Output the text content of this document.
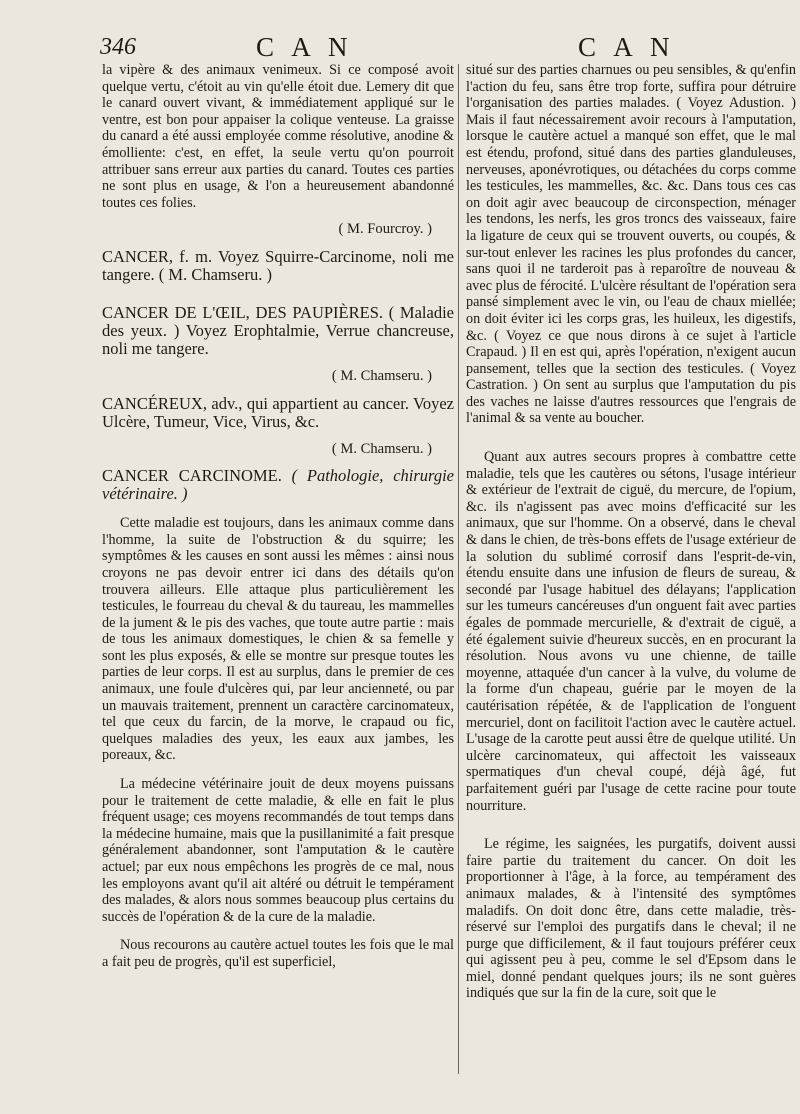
346	C A N	C A N

la vipère & des animaux venimeux. Si ce composé avoit quelque vertu, c'étoit au vin qu'elle étoit due. Lemery dit que le canard ouvert vivant, & immédiatement appliqué sur le ventre, est bon pour appaiser la colique venteuse. La graisse du canard a été aussi employée comme résolutive, anodine & émolliente: c'est, en effet, la seule vertu qu'on pourroit attribuer sans erreur aux parties du canard. Toutes ces parties ne sont plus en usage, & l'on a heureusement abandonné toutes ces folies.

( M. Fourcroy. )

CANCER, f. m. Voyez Squirre-Carcinome, noli me tangere. ( M. Chamseru. )

CANCER DE L'ŒIL, DES PAUPIÈRES. ( Maladie des yeux. ) Voyez Erophtalmie, Verrue chancreuse, noli me tangere.

( M. Chamseru. )

CANCÉREUX, adv., qui appartient au cancer. Voyez Ulcère, Tumeur, Vice, Virus, &c.

( M. Chamseru. )

CANCER CARCINOME. ( Pathologie, chirurgie vétérinaire. )

Cette maladie est toujours, dans les animaux comme dans l'homme, la suite de l'obstruction & du squirre; les symptômes & les causes en sont aussi les mêmes : ainsi nous croyons ne pas devoir entrer ici dans des détails qu'on trouvera ailleurs. Elle attaque plus particulièrement les testicules, le fourreau du cheval & du taureau, les mammelles de la jument & le pis des vaches, que toute autre partie : mais de tous les animaux domestiques, le chien & sa femelle y sont les plus exposés, & elle se montre sur presque toutes les parties de leur corps. Il est au surplus, dans le premier de ces animaux, une foule d'ulcères qui, par leur ancienneté, ou par un mauvais traitement, prennent un caractère carcinomateux, tel que ceux du farcin, de la morve, le crapaud ou fic, quelques maladies des yeux, les eaux aux jambes, les poreaux, &c.

La médecine vétérinaire jouit de deux moyens puissans pour le traitement de cette maladie, & elle en fait le plus fréquent usage; ces moyens recommandés de tout temps dans la médecine humaine, mais que la pusillanimité a fait presque généralement abandonner, sont l'amputation & le cautère actuel; par eux nous empêchons les progrès de ce mal, nous les employons avant qu'il ait altéré ou détruit le tempérament des malades, & alors nous sommes beaucoup plus certains du succès de l'opération & de la cure de la maladie.

Nous recourons au cautère actuel toutes les fois que le mal a fait peu de progrès, qu'il est superficiel,

situé sur des parties charnues ou peu sensibles, & qu'enfin l'action du feu, sans être trop forte, suffira pour détruire l'organisation des parties malades. ( Voyez Adustion. ) Mais il faut nécessairement avoir recours à l'amputation, lorsque le cautère actuel a manqué son effet, que le mal est étendu, profond, situé dans des parties glanduleuses, nerveuses, aponévrotiques, ou détachées du corps comme les testicules, les mammelles, &c. &c. Dans tous ces cas on doit agir avec beaucoup de circonspection, ménager les tendons, les nerfs, les gros troncs des vaisseaux, faire la ligature de ceux qui se trouvent ouverts, ou coupés, & sur-tout enlever les racines les plus profondes du cancer, sans quoi il ne tarderoit pas à reparoître de nouveau & avec plus de férocité. L'ulcère résultant de l'opération sera pansé simplement avec le vin, ou l'eau de chaux miellée; on doit éviter ici les corps gras, les huileux, les digestifs, &c. ( Voyez ce que nous dirons à ce sujet à l'article Crapaud. ) Il en est qui, après l'opération, n'exigent aucun pansement, telles que la section des testicules. ( Voyez Castration. ) On sent au surplus que l'amputation du pis des vaches ne laisse d'autres ressources que l'engrais de l'animal & sa vente au boucher.

Quant aux autres secours propres à combattre cette maladie, tels que les cautères ou sétons, l'usage intérieur & extérieur de l'extrait de ciguë, du mercure, de l'opium, &c. ils n'agissent pas avec moins d'efficacité sur les animaux, que sur l'homme. On a observé, dans le cheval & dans le chien, de très-bons effets de l'usage extérieur de la solution du sublimé corrosif dans l'esprit-de-vin, étendu ensuite dans une infusion de fleurs de sureau, & secondé par l'usage habituel des délayans; l'application sur les tumeurs cancéreuses d'un onguent fait avec parties égales de pommade mercurielle, & d'extrait de ciguë, a été également suivie d'heureux succès, en en procurant la résolution. Nous avons vu une chienne, de taille moyenne, attaquée d'un cancer à la vulve, du volume de la forme d'un chapeau, guérie par le moyen de la cautérisation répétée, & de l'application de l'onguent mercuriel, dont on facilitoit l'action avec le cautère actuel. L'usage de la carotte peut aussi être de quelque utilité. Un ulcère carcinomateux, qui affectoit les vaisseaux spermatiques d'un cheval coupé, déjà âgé, fut parfaitement guéri par l'usage de cette racine pour toute nourriture.

Le régime, les saignées, les purgatifs, doivent aussi faire partie du traitement du cancer. On doit les proportionner à l'âge, à la force, au tempérament des animaux malades, & à l'intensité des symptômes maladifs. On doit donc être, dans cette maladie, très-réservé sur l'emploi des purgatifs dans le cheval; il ne purge que difficilement, & il faut toujours préférer ceux qui agissent peu à peu, comme le sel d'Epsom dans le miel, donné pendant quelques jours; ils ne sont guères indiqués que sur la fin de la cure, soit que le
